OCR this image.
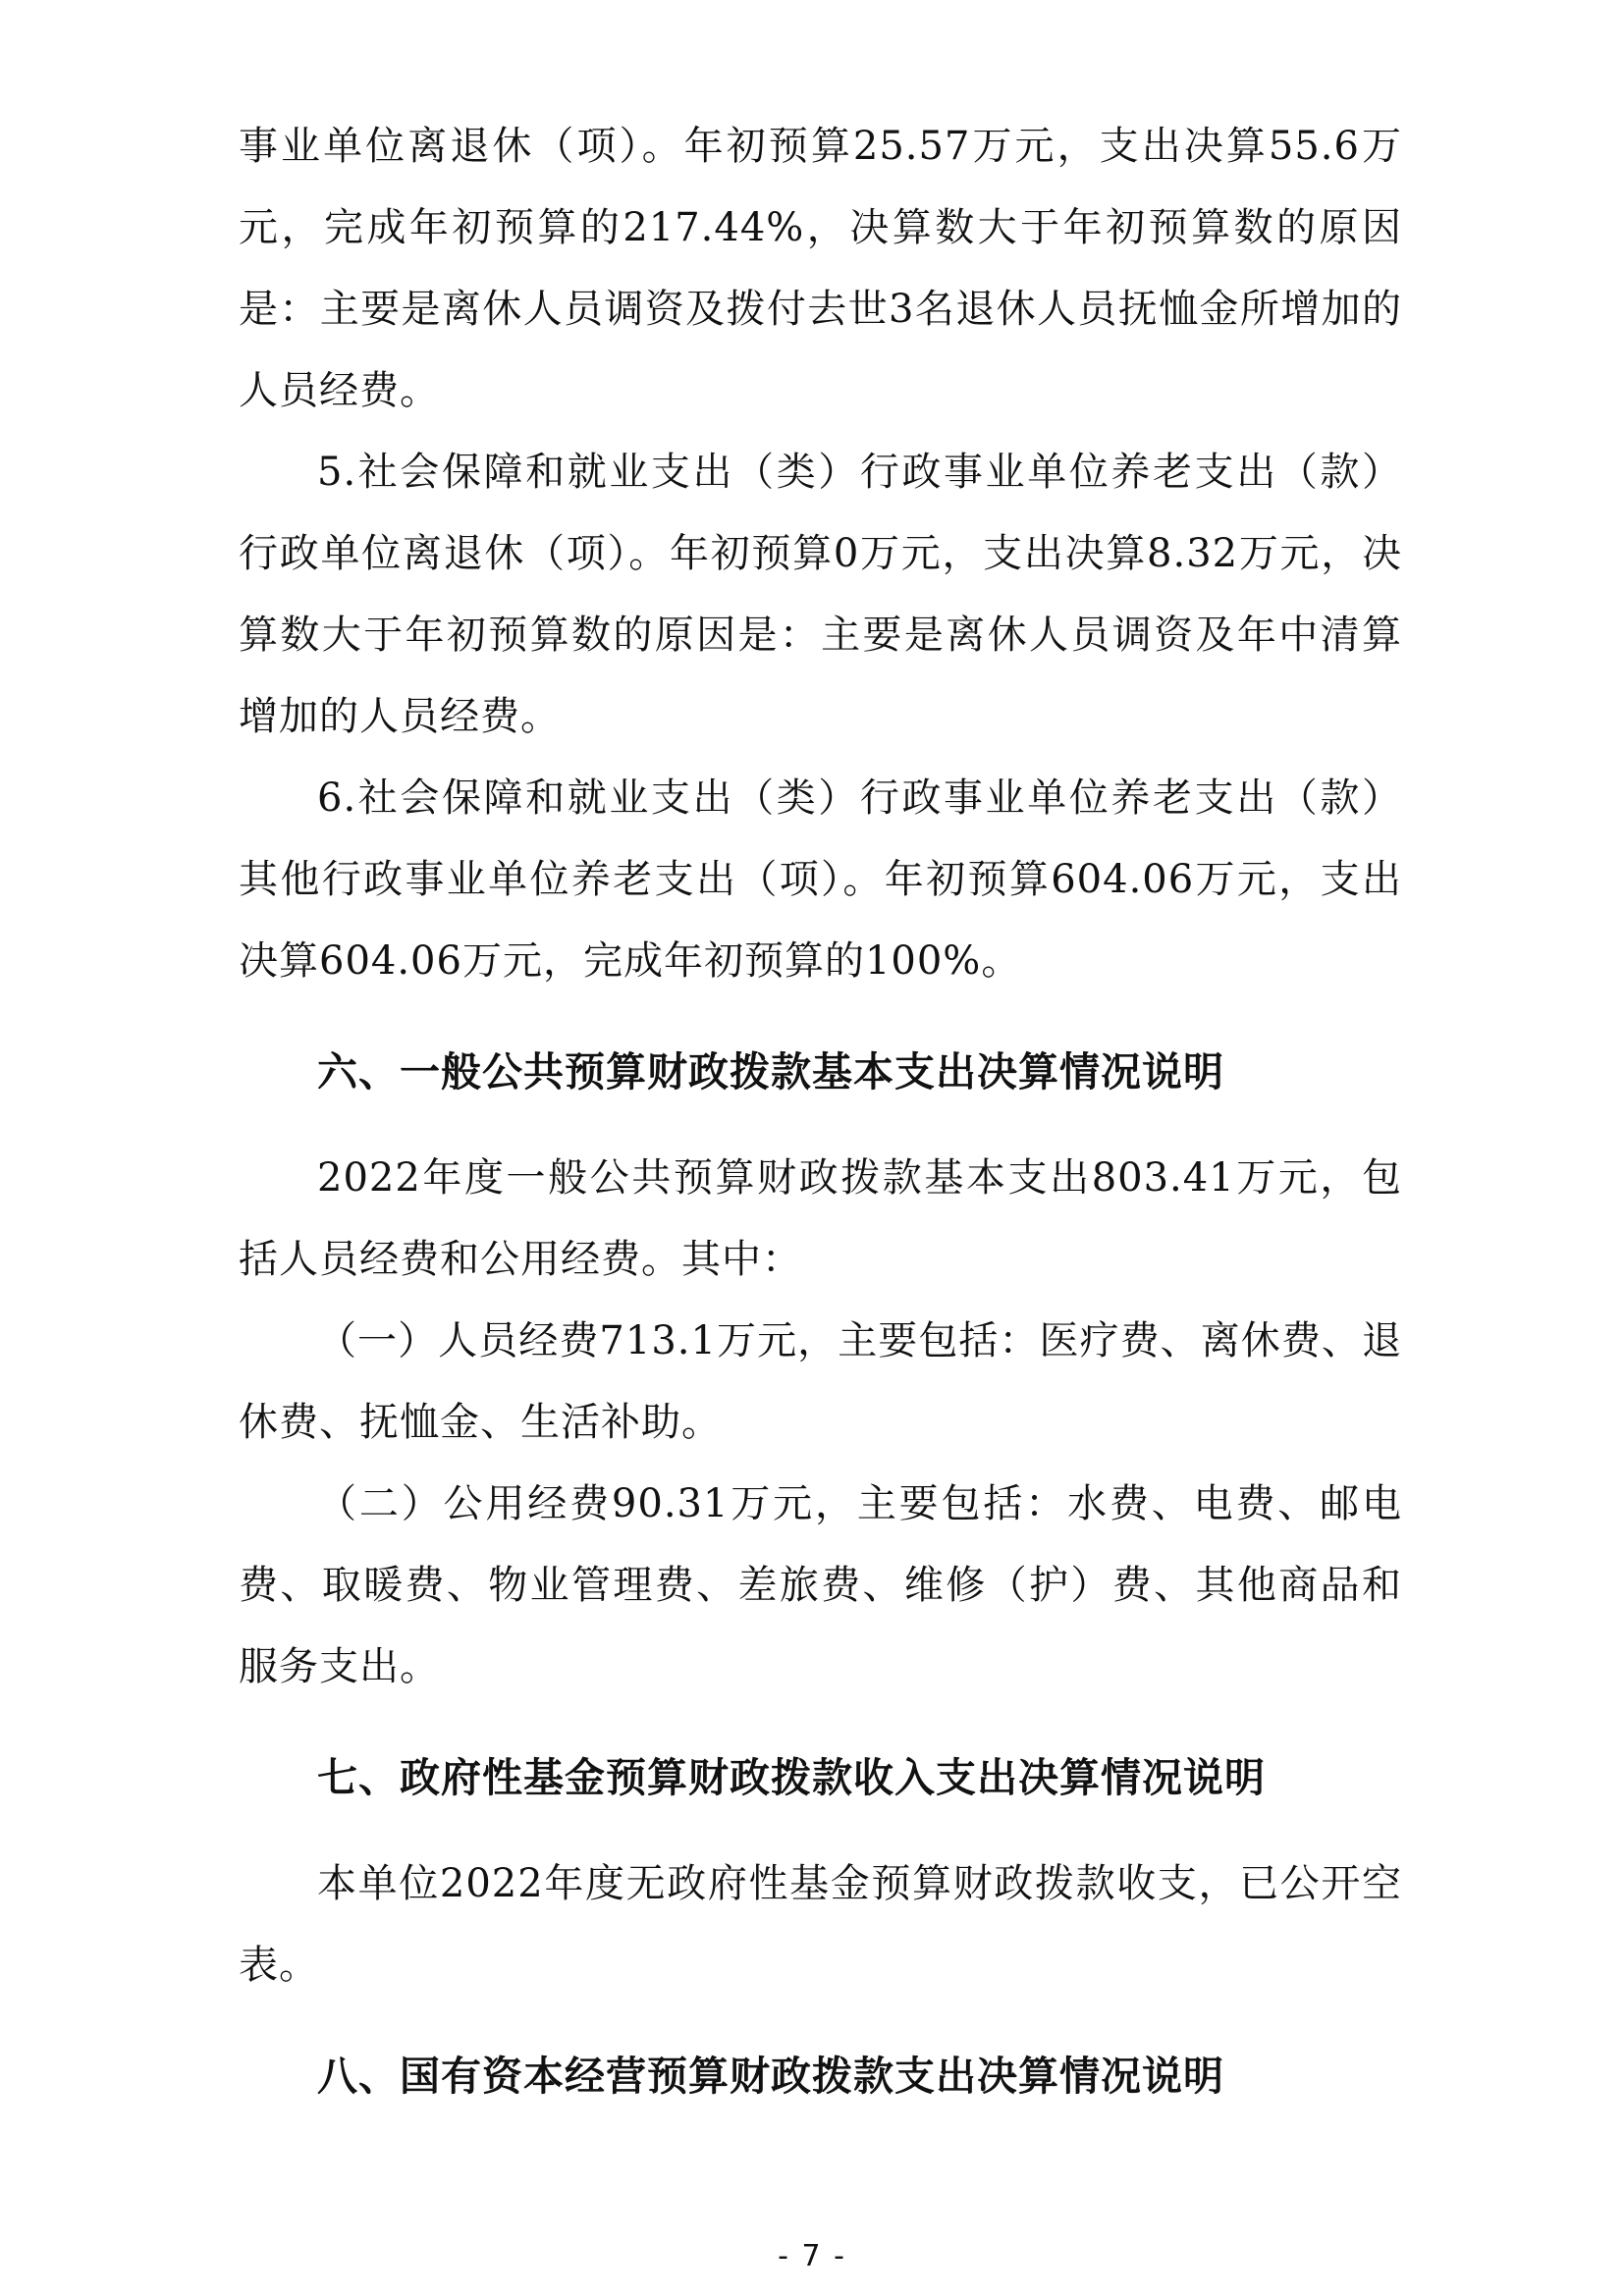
事业单位离退休（项）。年初预算25.57万元，支出决算55.6万元，完成年初预算的217.44%，决算数大于年初预算数的原因是：主要是离休人员调资及拨付去世3名退休人员抚恤金所增加的人员经费。

5.社会保障和就业支出（类）行政事业单位养老支出（款）行政单位离退休（项）。年初预算0万元，支出决算8.32万元，决算数大于年初预算数的原因是：主要是离休人员调资及年中清算增加的人员经费。

6.社会保障和就业支出（类）行政事业单位养老支出（款）其他行政事业单位养老支出（项）。年初预算604.06万元，支出决算604.06万元，完成年初预算的100%。

六、一般公共预算财政拨款基本支出决算情况说明

2022年度一般公共预算财政拨款基本支出803.41万元，包括人员经费和公用经费。其中：

（一）人员经费713.1万元，主要包括：医疗费、离休费、退休费、抚恤金、生活补助。

（二）公用经费90.31万元，主要包括：水费、电费、邮电费、取暖费、物业管理费、差旅费、维修（护）费、其他商品和服务支出。

七、政府性基金预算财政拨款收入支出决算情况说明

本单位2022年度无政府性基金预算财政拨款收支，已公开空表。

八、国有资本经营预算财政拨款支出决算情况说明
- 7 -
